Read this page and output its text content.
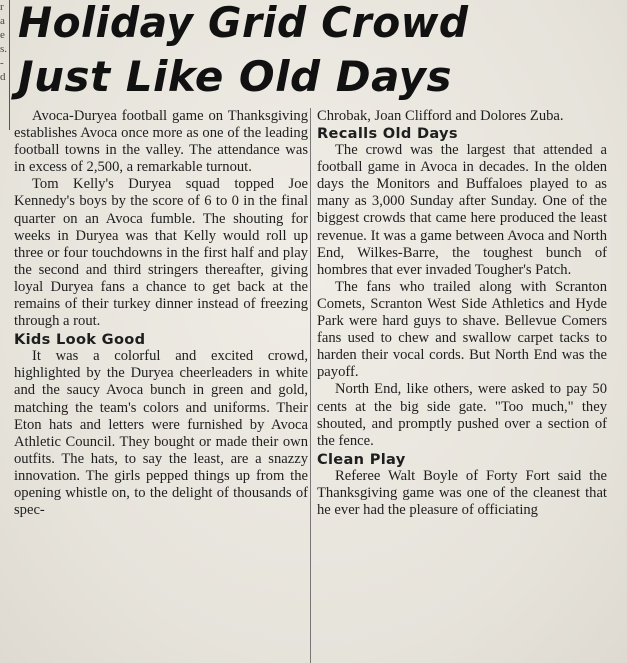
r
a
e
s.
-
d
Holiday Grid Crowd
Just Like Old Days

Avoca-Duryea football game on Thanksgiving establishes Avoca once more as one of the leading football towns in the valley. The attendance was in excess of 2,500, a remarkable turnout.

Tom Kelly's Duryea squad topped Joe Kennedy's boys by the score of 6 to 0 in the final quarter on an Avoca fumble. The shouting for weeks in Duryea was that Kelly would roll up three or four touchdowns in the first half and play the second and third stringers thereafter, giving loyal Duryea fans a chance to get back at the remains of their turkey dinner instead of freezing through a rout.

Kids Look Good

It was a colorful and excited crowd, highlighted by the Duryea cheerleaders in white and the saucy Avoca bunch in green and gold, matching the team's colors and uniforms. Their Eton hats and letters were furnished by Avoca Athletic Council. They bought or made their own outfits. The hats, to say the least, are a snazzy innovation. The girls pepped things up from the opening whistle on, to the delight of thousands of spec-

Chrobak, Joan Clifford and Dolores Zuba.

Recalls Old Days

The crowd was the largest that attended a football game in Avoca in decades. In the olden days the Monitors and Buffaloes played to as many as 3,000 Sunday after Sunday. One of the biggest crowds that came here produced the least revenue. It was a game between Avoca and North End, Wilkes-Barre, the toughest bunch of hombres that ever invaded Tougher's Patch.

The fans who trailed along with Scranton Comets, Scranton West Side Athletics and Hyde Park were hard guys to shave. Bellevue Comers fans used to chew and swallow carpet tacks to harden their vocal cords. But North End was the payoff.

North End, like others, were asked to pay 50 cents at the big side gate. "Too much," they shouted, and promptly pushed over a section of the fence.

Clean Play

Referee Walt Boyle of Forty Fort said the Thanksgiving game was one of the cleanest that he ever had the pleasure of officiating
